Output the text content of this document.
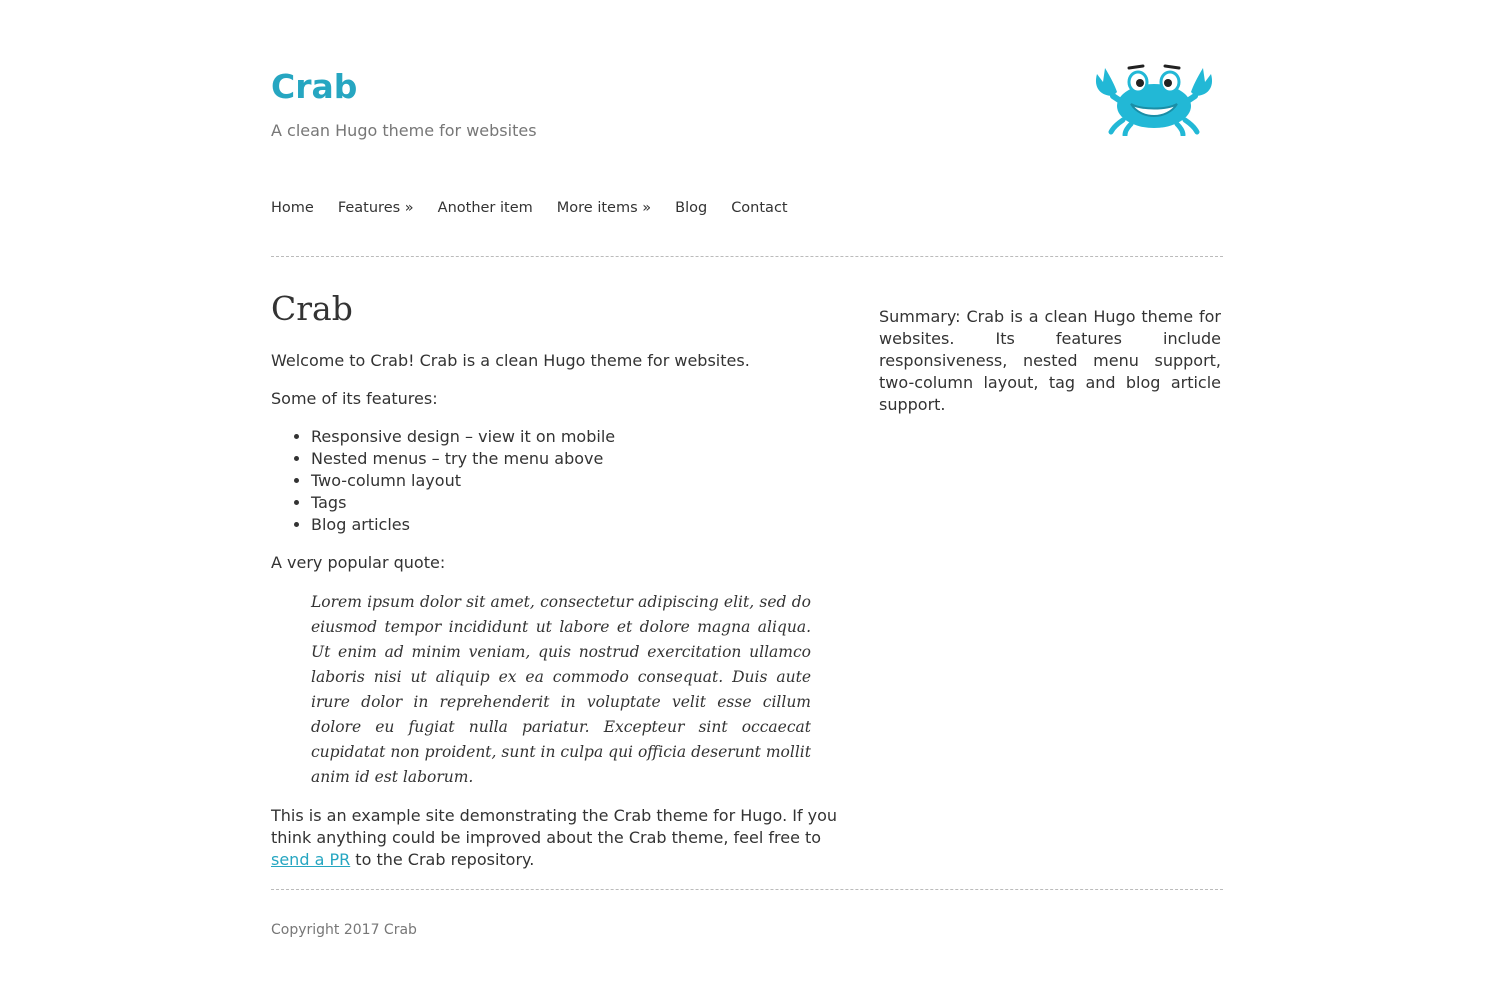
Crab
A clean Hugo theme for websites
Home Features » Another item More items » Blog Contact
Crab

Welcome to Crab! Crab is a clean Hugo theme for websites.

Some of its features:

• Responsive design – view it on mobile
• Nested menus – try the menu above
• Two-column layout
• Tags
• Blog articles

A very popular quote:

Lorem ipsum dolor sit amet, consectetur adipiscing elit, sed do eiusmod tempor incididunt ut labore et dolore magna aliqua. Ut enim ad minim veniam, quis nostrud exercitation ullamco laboris nisi ut aliquip ex ea commodo consequat. Duis aute irure dolor in reprehenderit in voluptate velit esse cillum dolore eu fugiat nulla pariatur. Excepteur sint occaecat cupidatat non proident, sunt in culpa qui officia deserunt mollit anim id est laborum.

This is an example site demonstrating the Crab theme for Hugo. If you think anything could be improved about the Crab theme, feel free to send a PR to the Crab repository.

Summary: Crab is a clean Hugo theme for websites. Its features include responsiveness, nested menu support, two-column layout, tag and blog article support.
Copyright 2017 Crab
